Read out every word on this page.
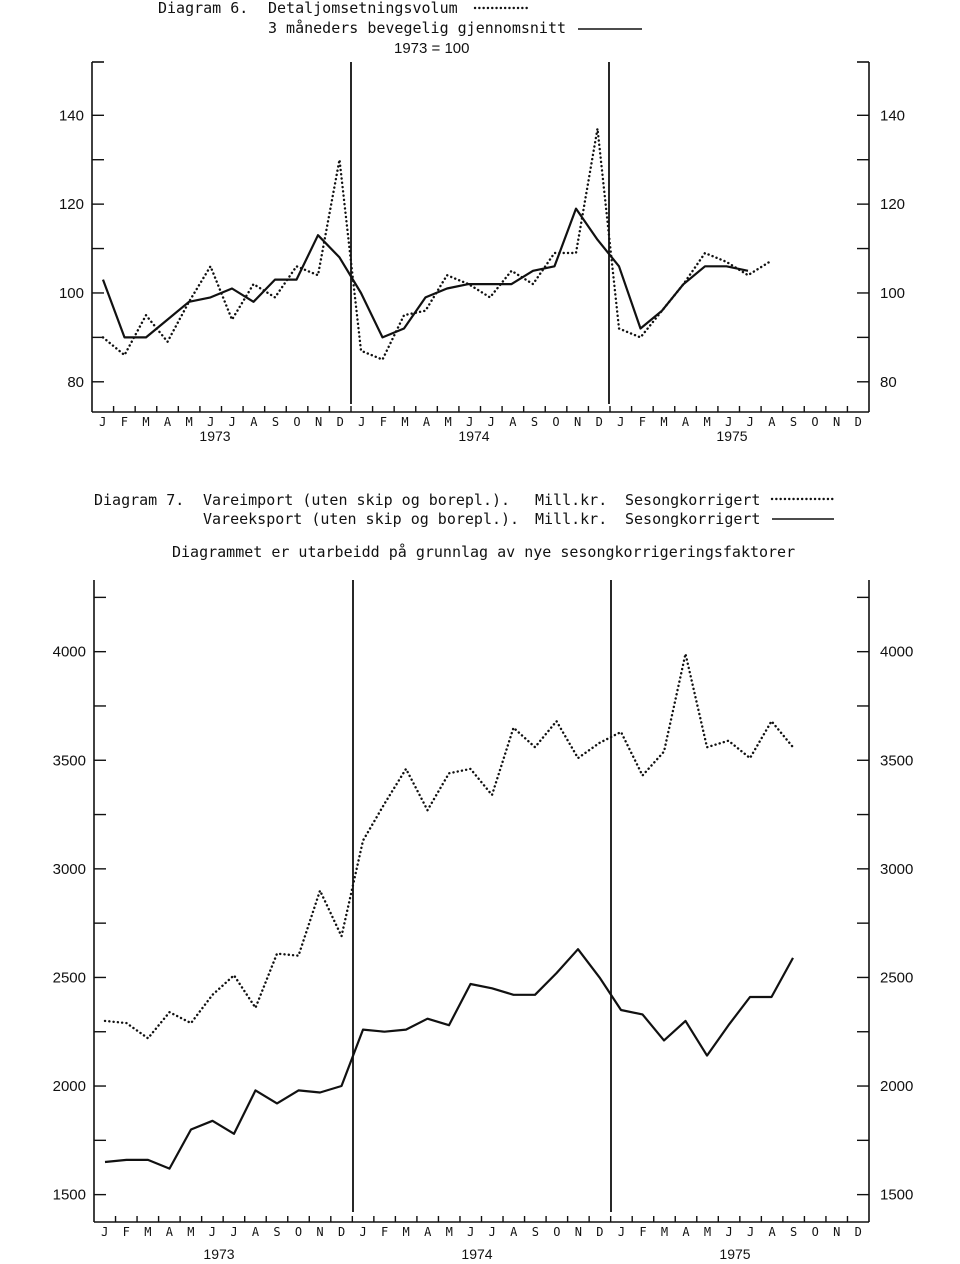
Diagram 6. Detaljomsetningsvolum
3 måneders bevegelig gjennomsnitt
1973 = 100
80	80
100	100
120	120
140	140
J F M A M J J A S O N D J F M A M J J A S O N D J F M A M J J A S O N D
1973	1974	1975
Diagram 7. Vareimport (uten skip og borepl.). Mill.kr. Sesongkorrigert
Vareeksport (uten skip og borepl.). Mill.kr. Sesongkorrigert
Diagrammet er utarbeidd på grunnlag av nye sesongkorrigeringsfaktorer
1500	1500
2000	2000
2500	2500
3000	3000
3500	3500
4000	4000
J F M A M J J A S O N D J F M A M J J A S O N D J F M A M J J A S O N D
1973	1974	1975
